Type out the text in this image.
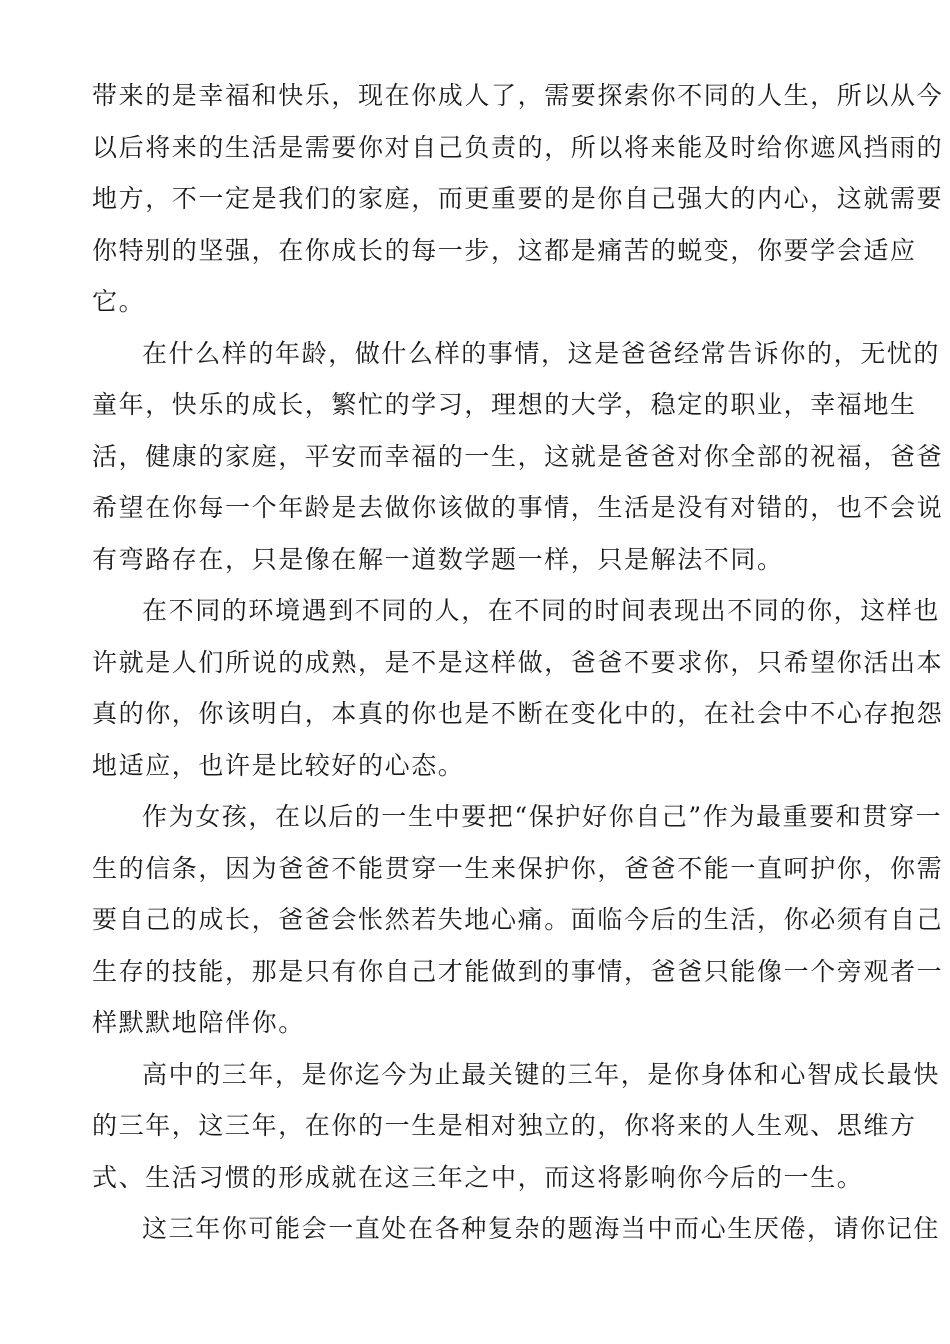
带来的是幸福和快乐，现在你成人了，需要探索你不同的人生，所以从今
以后将来的生活是需要你对自己负责的，所以将来能及时给你遮风挡雨的
地方，不一定是我们的家庭，而更重要的是你自己强大的内心，这就需要
你特别的坚强，在你成长的每一步，这都是痛苦的蜕变，你要学会适应
它。
在什么样的年龄，做什么样的事情，这是爸爸经常告诉你的，无忧的
童年，快乐的成长，繁忙的学习，理想的大学，稳定的职业，幸福地生
活，健康的家庭，平安而幸福的一生，这就是爸爸对你全部的祝福，爸爸
希望在你每一个年龄是去做你该做的事情，生活是没有对错的，也不会说
有弯路存在，只是像在解一道数学题一样，只是解法不同。
在不同的环境遇到不同的人，在不同的时间表现出不同的你，这样也
许就是人们所说的成熟，是不是这样做，爸爸不要求你，只希望你活出本
真的你，你该明白，本真的你也是不断在变化中的，在社会中不心存抱怨
地适应，也许是比较好的心态。
作为女孩，在以后的一生中要把“保护好你自己”作为最重要和贯穿一
生的信条，因为爸爸不能贯穿一生来保护你，爸爸不能一直呵护你，你需
要自己的成长，爸爸会怅然若失地心痛。面临今后的生活，你必须有自己
生存的技能，那是只有你自己才能做到的事情，爸爸只能像一个旁观者一
样默默地陪伴你。
高中的三年，是你迄今为止最关键的三年，是你身体和心智成长最快
的三年，这三年，在你的一生是相对独立的，你将来的人生观、思维方
式、生活习惯的形成就在这三年之中，而这将影响你今后的一生。
这三年你可能会一直处在各种复杂的题海当中而心生厌倦，请你记住
